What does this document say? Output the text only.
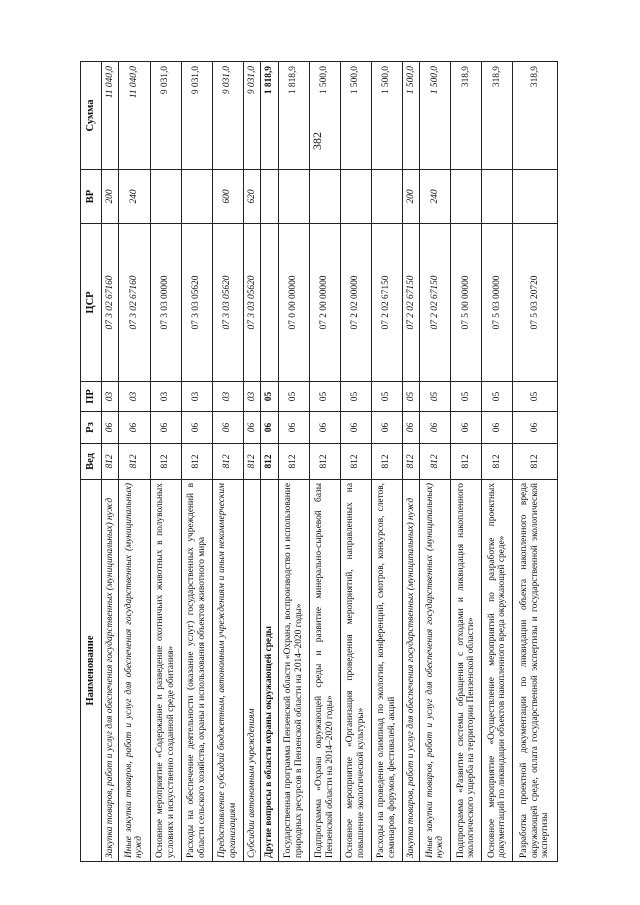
382
Наименование	Вед	Рз	ПР	ЦСР	ВР	Сумма
Закупка товаров, работ и услуг для обеспечения государственных (муниципальных) нужд	812	06	03	07 3 02 67160	200	11 040,0
Иные закупки товаров, работ и услуг для обеспечения государственных (муниципальных) нужд	812	06	03	07 3 02 67160	240	11 040,0
Основное мероприятие «Содержание и разведение охотничьих животных в полувольных условиях и искусственно созданной среде обитания»	812	06	03	07 3 03 00000		9 031,0
Расходы на обеспечение деятельности (оказание услуг) государственных учреждений в области сельского хозяйства, охраны и использования объектов животного мира	812	06	03	07 3 03 05620		9 031,0
Предоставление субсидий бюджетным, автономным учреждениям и иным некоммерческим организациям	812	06	03	07 3 03 05620	600	9 031,0
Субсидии автономным учреждениям	812	06	03	07 3 03 05620	620	9 031,0
Другие вопросы в области охраны окружающей среды	812	06	05			1 818,9
Государственная программа Пензенской области «Охрана, воспроизводство и использование природных ресурсов в Пензенской области на 2014–2020 годы»	812	06	05	07 0 00 00000		1 818,9
Подпрограмма «Охрана окружающей среды и развитие минерально-сырьевой базы Пензенской области на 2014–2020 годы»	812	06	05	07 2 00 00000		1 500,0
Основное мероприятие «Организация проведения мероприятий, направленных на повышение экологической культуры»	812	06	05	07 2 02 00000		1 500,0
Расходы на проведение олимпиад по экологии, конференций, смотров, конкурсов, слетов, семинаров, форумов, фестивалей, акций	812	06	05	07 2 02 67150		1 500,0
Закупка товаров, работ и услуг для обеспечения государственных (муниципальных) нужд	812	06	05	07 2 02 67150	200	1 500,0
Иные закупки товаров, работ и услуг для обеспечения государственных (муниципальных) нужд	812	06	05	07 2 02 67150	240	1 500,0
Подпрограмма «Развитие системы обращения с отходами и ликвидация накопленного экологического ущерба на территории Пензенской области»	812	06	05	07 5 00 00000		318,9
Основное мероприятие «Осуществление мероприятий по разработке проектных документаций по ликвидации объектов накопленного вреда окружающей среде»	812	06	05	07 5 03 00000		318,9
Разработка проектной документации по ликвидации объекта накопленного вреда окружающей среде, оплата государственной экспертизы и государственной экологической экспертизы	812	06	05	07 5 03 20720		318,9
